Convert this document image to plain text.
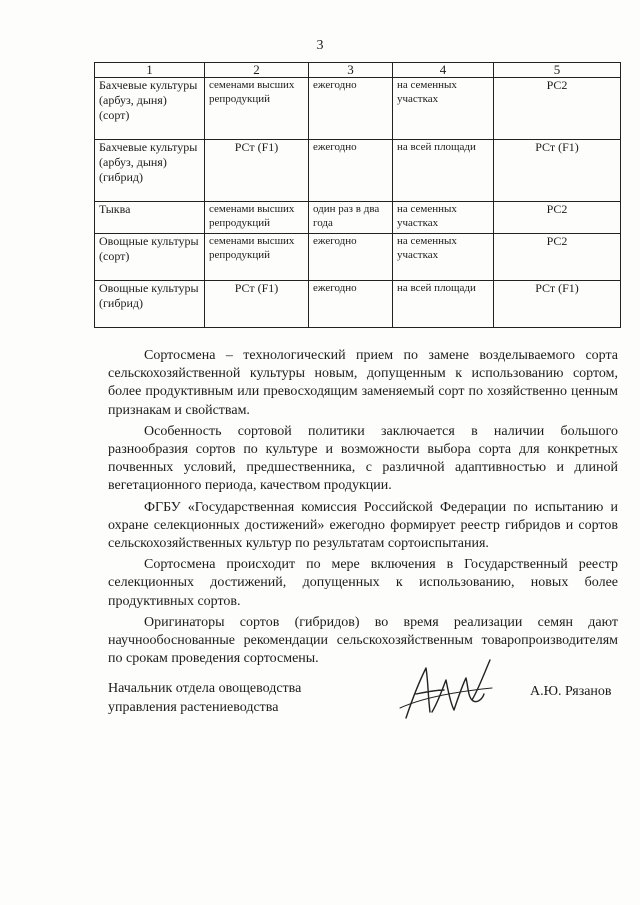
3
1	2	3	4	5
Бахчевые культуры (арбуз, дыня) (сорт)	семенами высших репродукций	ежегодно	на семенных участках	РС2
Бахчевые культуры (арбуз, дыня) (гибрид)	РСт (F1)	ежегодно	на всей площади	РСт (F1)
Тыква	семенами высших репродукций	один раз в два года	на семенных участках	РС2
Овощные культуры (сорт)	семенами высших репродукций	ежегодно	на семенных участках	РС2
Овощные культуры (гибрид)	РСт (F1)	ежегодно	на всей площади	РСт (F1)

Сортосмена – технологический прием по замене возделываемого сорта сельскохозяйственной культуры новым, допущенным к использованию сортом, более продуктивным или превосходящим заменяемый сорт по хозяйственно ценным признакам и свойствам.

Особенность сортовой политики заключается в наличии большого разнообразия сортов по культуре и возможности выбора сорта для конкретных почвенных условий, предшественника, с различной адаптивностью и длиной вегетационного периода, качеством продукции.

ФГБУ «Государственная комиссия Российской Федерации по испытанию и охране селекционных достижений» ежегодно формирует реестр гибридов и сортов сельскохозяйственных культур по результатам сортоиспытания.

Сортосмена происходит по мере включения в Государственный реестр селекционных достижений, допущенных к использованию, новых более продуктивных сортов.

Оригинаторы сортов (гибридов) во время реализации семян дают научнообоснованные рекомендации сельскохозяйственным товаропроизводителям по срокам проведения сортосмены.

Начальник отдела овощеводства
управления растениеводства
А.Ю. Рязанов
